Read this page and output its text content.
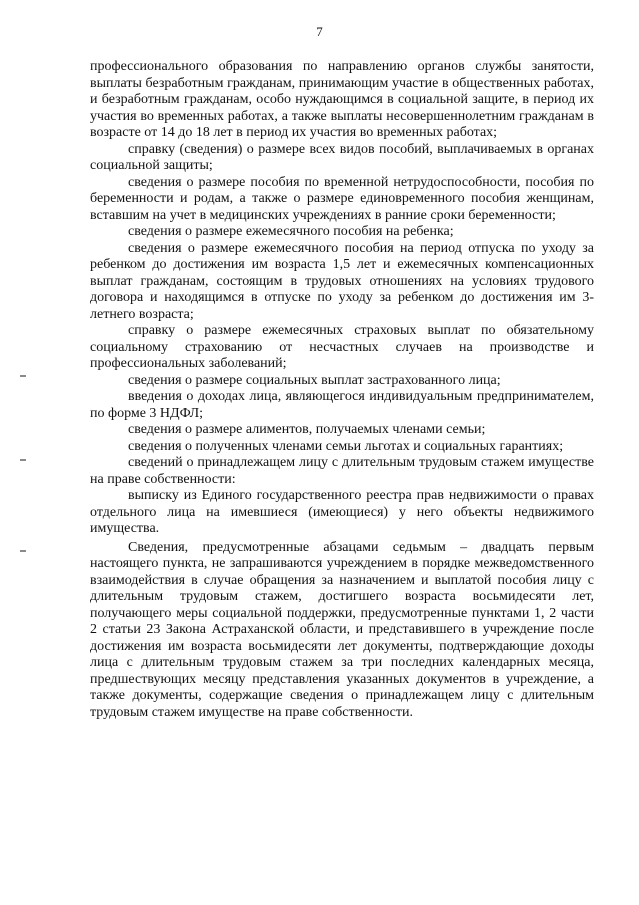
7

профессионального образования по направлению органов службы занятости, выплаты безработным гражданам, принимающим участие в общественных работах, и безработным гражданам, особо нуждающимся в социальной защите, в период их участия во временных работах, а также выплаты несовершеннолетним гражданам в возрасте от 14 до 18 лет в период их участия во временных работах;

справку (сведения) о размере всех видов пособий, выплачиваемых в органах социальной защиты;

сведения о размере пособия по временной нетрудоспособности, пособия по беременности и родам, а также о размере единовременного пособия женщинам, вставшим на учет в медицинских учреждениях в ранние сроки беременности;

сведения о размере ежемесячного пособия на ребенка;

сведения о размере ежемесячного пособия на период отпуска по уходу за ребенком до достижения им возраста 1,5 лет и ежемесячных компенсационных выплат гражданам, состоящим в трудовых отношениях на условиях трудового договора и находящимся в отпуске по уходу за ребенком до достижения им 3-летнего возраста;

справку о размере ежемесячных страховых выплат по обязательному социальному страхованию от несчастных случаев на производстве и профессиональных заболеваний;

сведения о размере социальных выплат застрахованного лица;

введения о доходах лица, являющегося индивидуальным предпринимателем, по форме 3 НДФЛ;

сведения о размере алиментов, получаемых членами семьи;

сведения о полученных членами семьи льготах и социальных гарантиях;

сведений о принадлежащем лицу с длительным трудовым стажем имуществе на праве собственности:

выписку из Единого государственного реестра прав недвижимости о правах отдельного лица на имевшиеся (имеющиеся) у него объекты недвижимого имущества.

Сведения, предусмотренные абзацами седьмым – двадцать первым настоящего пункта, не запрашиваются учреждением в порядке межведомственного взаимодействия в случае обращения за назначением и выплатой пособия лицу с длительным трудовым стажем, достигшего возраста восьмидесяти лет, получающего меры социальной поддержки, предусмотренные пунктами 1, 2 части 2 статьи 23 Закона Астраханской области, и представившего в учреждение после достижения им возраста восьмидесяти лет документы, подтверждающие доходы лица с длительным трудовым стажем за три последних календарных месяца, предшествующих месяцу представления указанных документов в учреждение, а также документы, содержащие сведения о принадлежащем лицу с длительным трудовым стажем имуществе на праве собственности.
